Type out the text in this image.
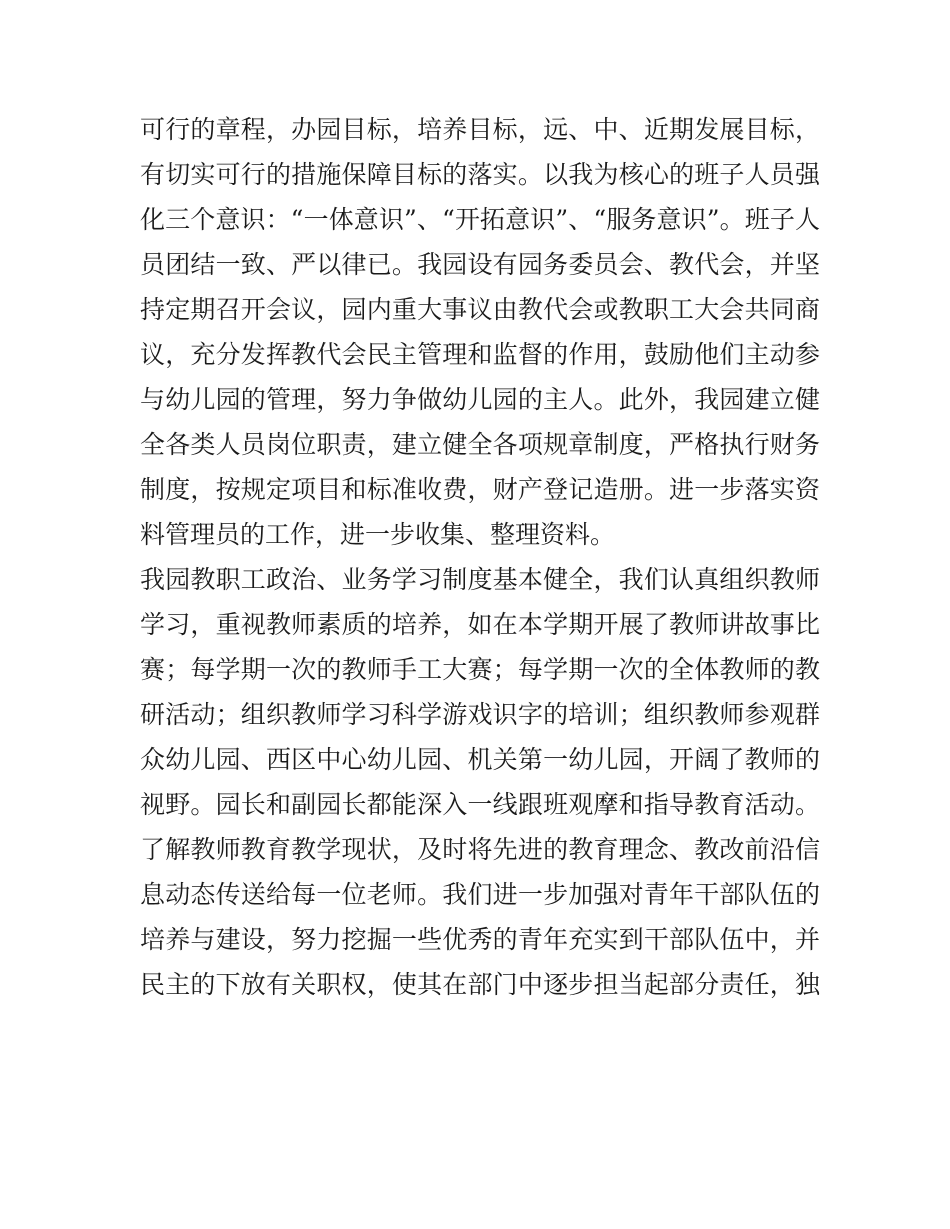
可行的章程，办园目标，培养目标，远、中、近期发展目标，
有切实可行的措施保障目标的落实。以我为核心的班子人员强
化三个意识：“一体意识”、“开拓意识”、“服务意识”。班子人
员团结一致、严以律已。我园设有园务委员会、教代会，并坚
持定期召开会议，园内重大事议由教代会或教职工大会共同商
议，充分发挥教代会民主管理和监督的作用，鼓励他们主动参
与幼儿园的管理，努力争做幼儿园的主人。此外，我园建立健
全各类人员岗位职责，建立健全各项规章制度，严格执行财务
制度，按规定项目和标准收费，财产登记造册。进一步落实资
料管理员的工作，进一步收集、整理资料。
我园教职工政治、业务学习制度基本健全，我们认真组织教师
学习，重视教师素质的培养，如在本学期开展了教师讲故事比
赛；每学期一次的教师手工大赛；每学期一次的全体教师的教
研活动；组织教师学习科学游戏识字的培训；组织教师参观群
众幼儿园、西区中心幼儿园、机关第一幼儿园，开阔了教师的
视野。园长和副园长都能深入一线跟班观摩和指导教育活动。
了解教师教育教学现状，及时将先进的教育理念、教改前沿信
息动态传送给每一位老师。我们进一步加强对青年干部队伍的
培养与建设，努力挖掘一些优秀的青年充实到干部队伍中，并
民主的下放有关职权，使其在部门中逐步担当起部分责任，独
